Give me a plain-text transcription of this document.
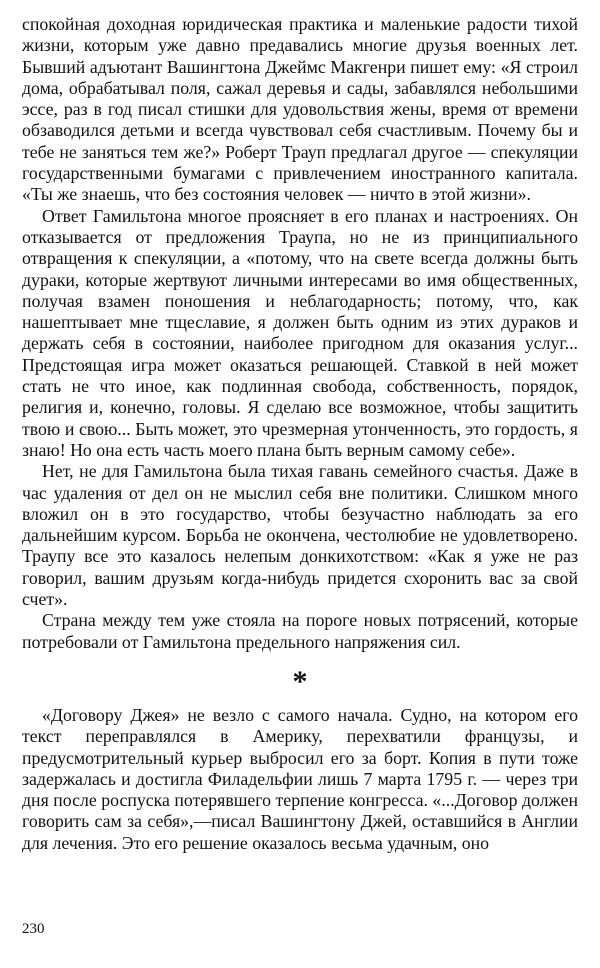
спокойная доходная юридическая практика и маленькие радости тихой жизни, которым уже давно предавались многие друзья военных лет. Бывший адъютант Вашингтона Джеймс Макгенри пишет ему: «Я строил дома, обрабатывал поля, сажал деревья и сады, забавлялся небольшими эссе, раз в год писал стишки для удовольствия жены, время от времени обзаводился детьми и всегда чувствовал себя счастливым. Почему бы и тебе не заняться тем же?» Роберт Трауп предлагал другое — спекуляции государственными бумагами с привлечением иностранного капитала. «Ты же знаешь, что без состояния человек — ничто в этой жизни».

Ответ Гамильтона многое проясняет в его планах и настроениях. Он отказывается от предложения Траупа, но не из принципиального отвращения к спекуляции, а «потому, что на свете всегда должны быть дураки, которые жертвуют личными интересами во имя общественных, получая взамен поношения и неблагодарность; потому, что, как нашептывает мне тщеславие, я должен быть одним из этих дураков и держать себя в состоянии, наиболее пригодном для оказания услуг... Предстоящая игра может оказаться решающей. Ставкой в ней может стать не что иное, как подлинная свобода, собственность, порядок, религия и, конечно, головы. Я сделаю все возможное, чтобы защитить твою и свою... Быть может, это чрезмерная утонченность, это гордость, я знаю! Но она есть часть моего плана быть верным самому себе».

Нет, не для Гамильтона была тихая гавань семейного счастья. Даже в час удаления от дел он не мыслил себя вне политики. Слишком много вложил он в это государство, чтобы безучастно наблюдать за его дальнейшим курсом. Борьба не окончена, честолюбие не удовлетворено. Траупу все это казалось нелепым донкихотством: «Как я уже не раз говорил, вашим друзьям когда-нибудь придется схоронить вас за свой счет».

Страна между тем уже стояла на пороге новых потрясений, которые потребовали от Гамильтона предельного напряжения сил.

*

«Договору Джея» не везло с самого начала. Судно, на котором его текст переправлялся в Америку, перехватили французы, и предусмотрительный курьер выбросил его за борт. Копия в пути тоже задержалась и достигла Филадельфии лишь 7 марта 1795 г. — через три дня после роспуска потерявшего терпение конгресса. «...Договор должен говорить сам за себя»,—писал Вашингтону Джей, оставшийся в Англии для лечения. Это его решение оказалось весьма удачным, оно

230
